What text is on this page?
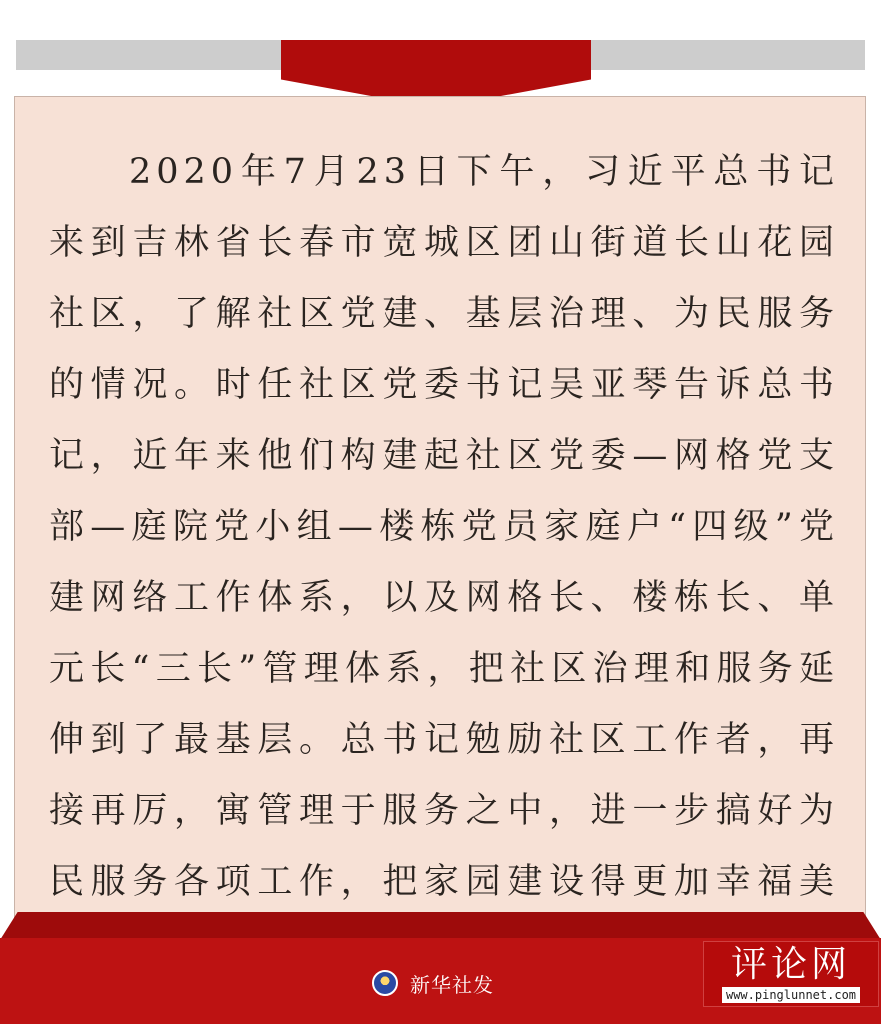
2020年7月23日下午，习近平总书记来到吉林省长春市宽城区团山街道长山花园社区，了解社区党建、基层治理、为民服务的情况。时任社区党委书记吴亚琴告诉总书记，近年来他们构建起社区党委—网格党支部—庭院党小组—楼栋党员家庭户“四级”党建网络工作体系，以及网格长、楼栋长、单元长“三长”管理体系，把社区治理和服务延伸到了最基层。总书记勉励社区工作者，再接再厉，寓管理于服务之中，进一步搞好为民服务各项工作，把家园建设得更加幸福美

新华社发	评论网
www.pinglunnet.com
